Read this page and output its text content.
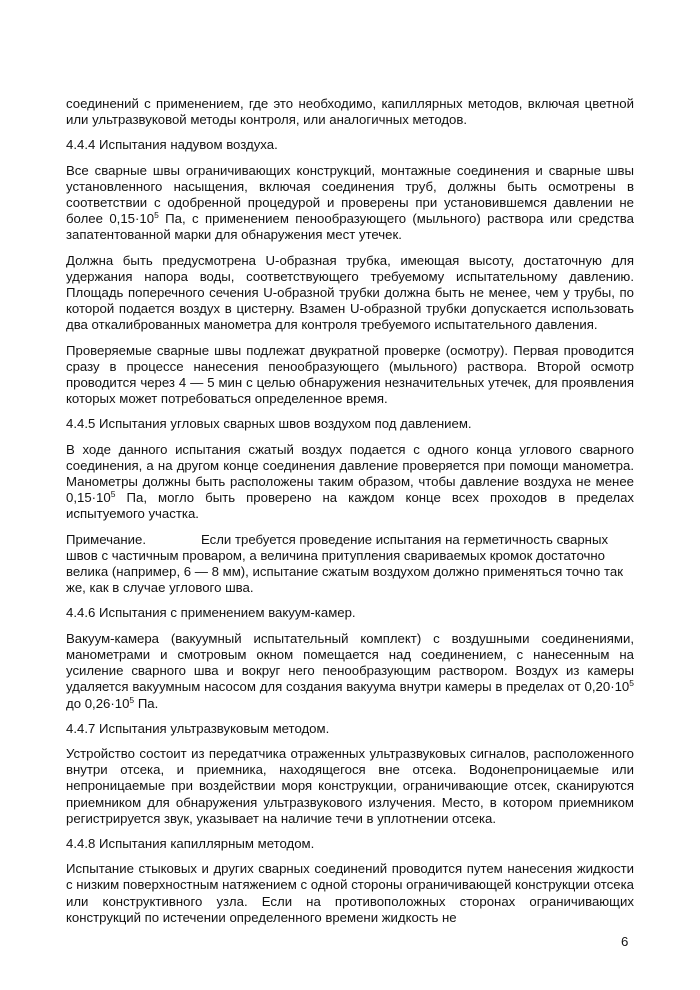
соединений с применением, где это необходимо, капиллярных методов, включая цветной или ультразвуковой методы контроля, или аналогичных методов.

4.4.4 Испытания надувом воздуха.

Все сварные швы ограничивающих конструкций, монтажные соединения и сварные швы установленного насыщения, включая соединения труб, должны быть осмотрены в соответствии с одобренной процедурой и проверены при установившемся давлении не более $0,15\cdot 10^5$ Па, с применением пенообразующего (мыльного) раствора или средства запатентованной марки для обнаружения мест утечек.

Должна быть предусмотрена U-образная трубка, имеющая высоту, достаточную для удержания напора воды, соответствующего требуемому испытательному давлению. Площадь поперечного сечения U-образной трубки должна быть не менее, чем у трубы, по которой подается воздух в цистерну. Взамен U-образной трубки допускается использовать два откалиброванных манометра для контроля требуемого испытательного давления.

Проверяемые сварные швы подлежат двукратной проверке (осмотру). Первая проводится сразу в процессе нанесения пенообразующего (мыльного) раствора. Второй осмотр проводится через 4 — 5 мин с целью обнаружения незначительных утечек, для проявления которых может потребоваться определенное время.

4.4.5 Испытания угловых сварных швов воздухом под давлением.

В ходе данного испытания сжатый воздух подается с одного конца углового сварного соединения, а на другом конце соединения давление проверяется при помощи манометра. Манометры должны быть расположены таким образом, чтобы давление воздуха не менее $0,15\cdot 10^5$ Па, могло быть проверено на каждом конце всех проходов в пределах испытуемого участка.

Примечание.	Если требуется проведение испытания на герметичность сварных швов с частичным проваром, а величина притупления свариваемых кромок достаточно велика (например, 6 — 8 мм), испытание сжатым воздухом должно применяться точно так же, как в случае углового шва.

4.4.6 Испытания с применением вакуум-камер.

Вакуум-камера (вакуумный испытательный комплект) с воздушными соединениями, манометрами и смотровым окном помещается над соединением, с нанесенным на усиление сварного шва и вокруг него пенообразующим раствором. Воздух из камеры удаляется вакуумным насосом для создания вакуума внутри камеры в пределах от $0,20\cdot 10^5$ до $0,26\cdot 10^5$ Па.

4.4.7 Испытания ультразвуковым методом.

Устройство состоит из передатчика отраженных ультразвуковых сигналов, расположенного внутри отсека, и приемника, находящегося вне отсека. Водонепроницаемые или непроницаемые при воздействии моря конструкции, ограничивающие отсек, сканируются приемником для обнаружения ультразвукового излучения. Место, в котором приемником регистрируется звук, указывает на наличие течи в уплотнении отсека.

4.4.8 Испытания капиллярным методом.

Испытание стыковых и других сварных соединений проводится путем нанесения жидкости с низким поверхностным натяжением с одной стороны ограничивающей конструкции отсека или конструктивного узла. Если на противоположных сторонах ограничивающих конструкций по истечении определенного времени жидкость не

6
